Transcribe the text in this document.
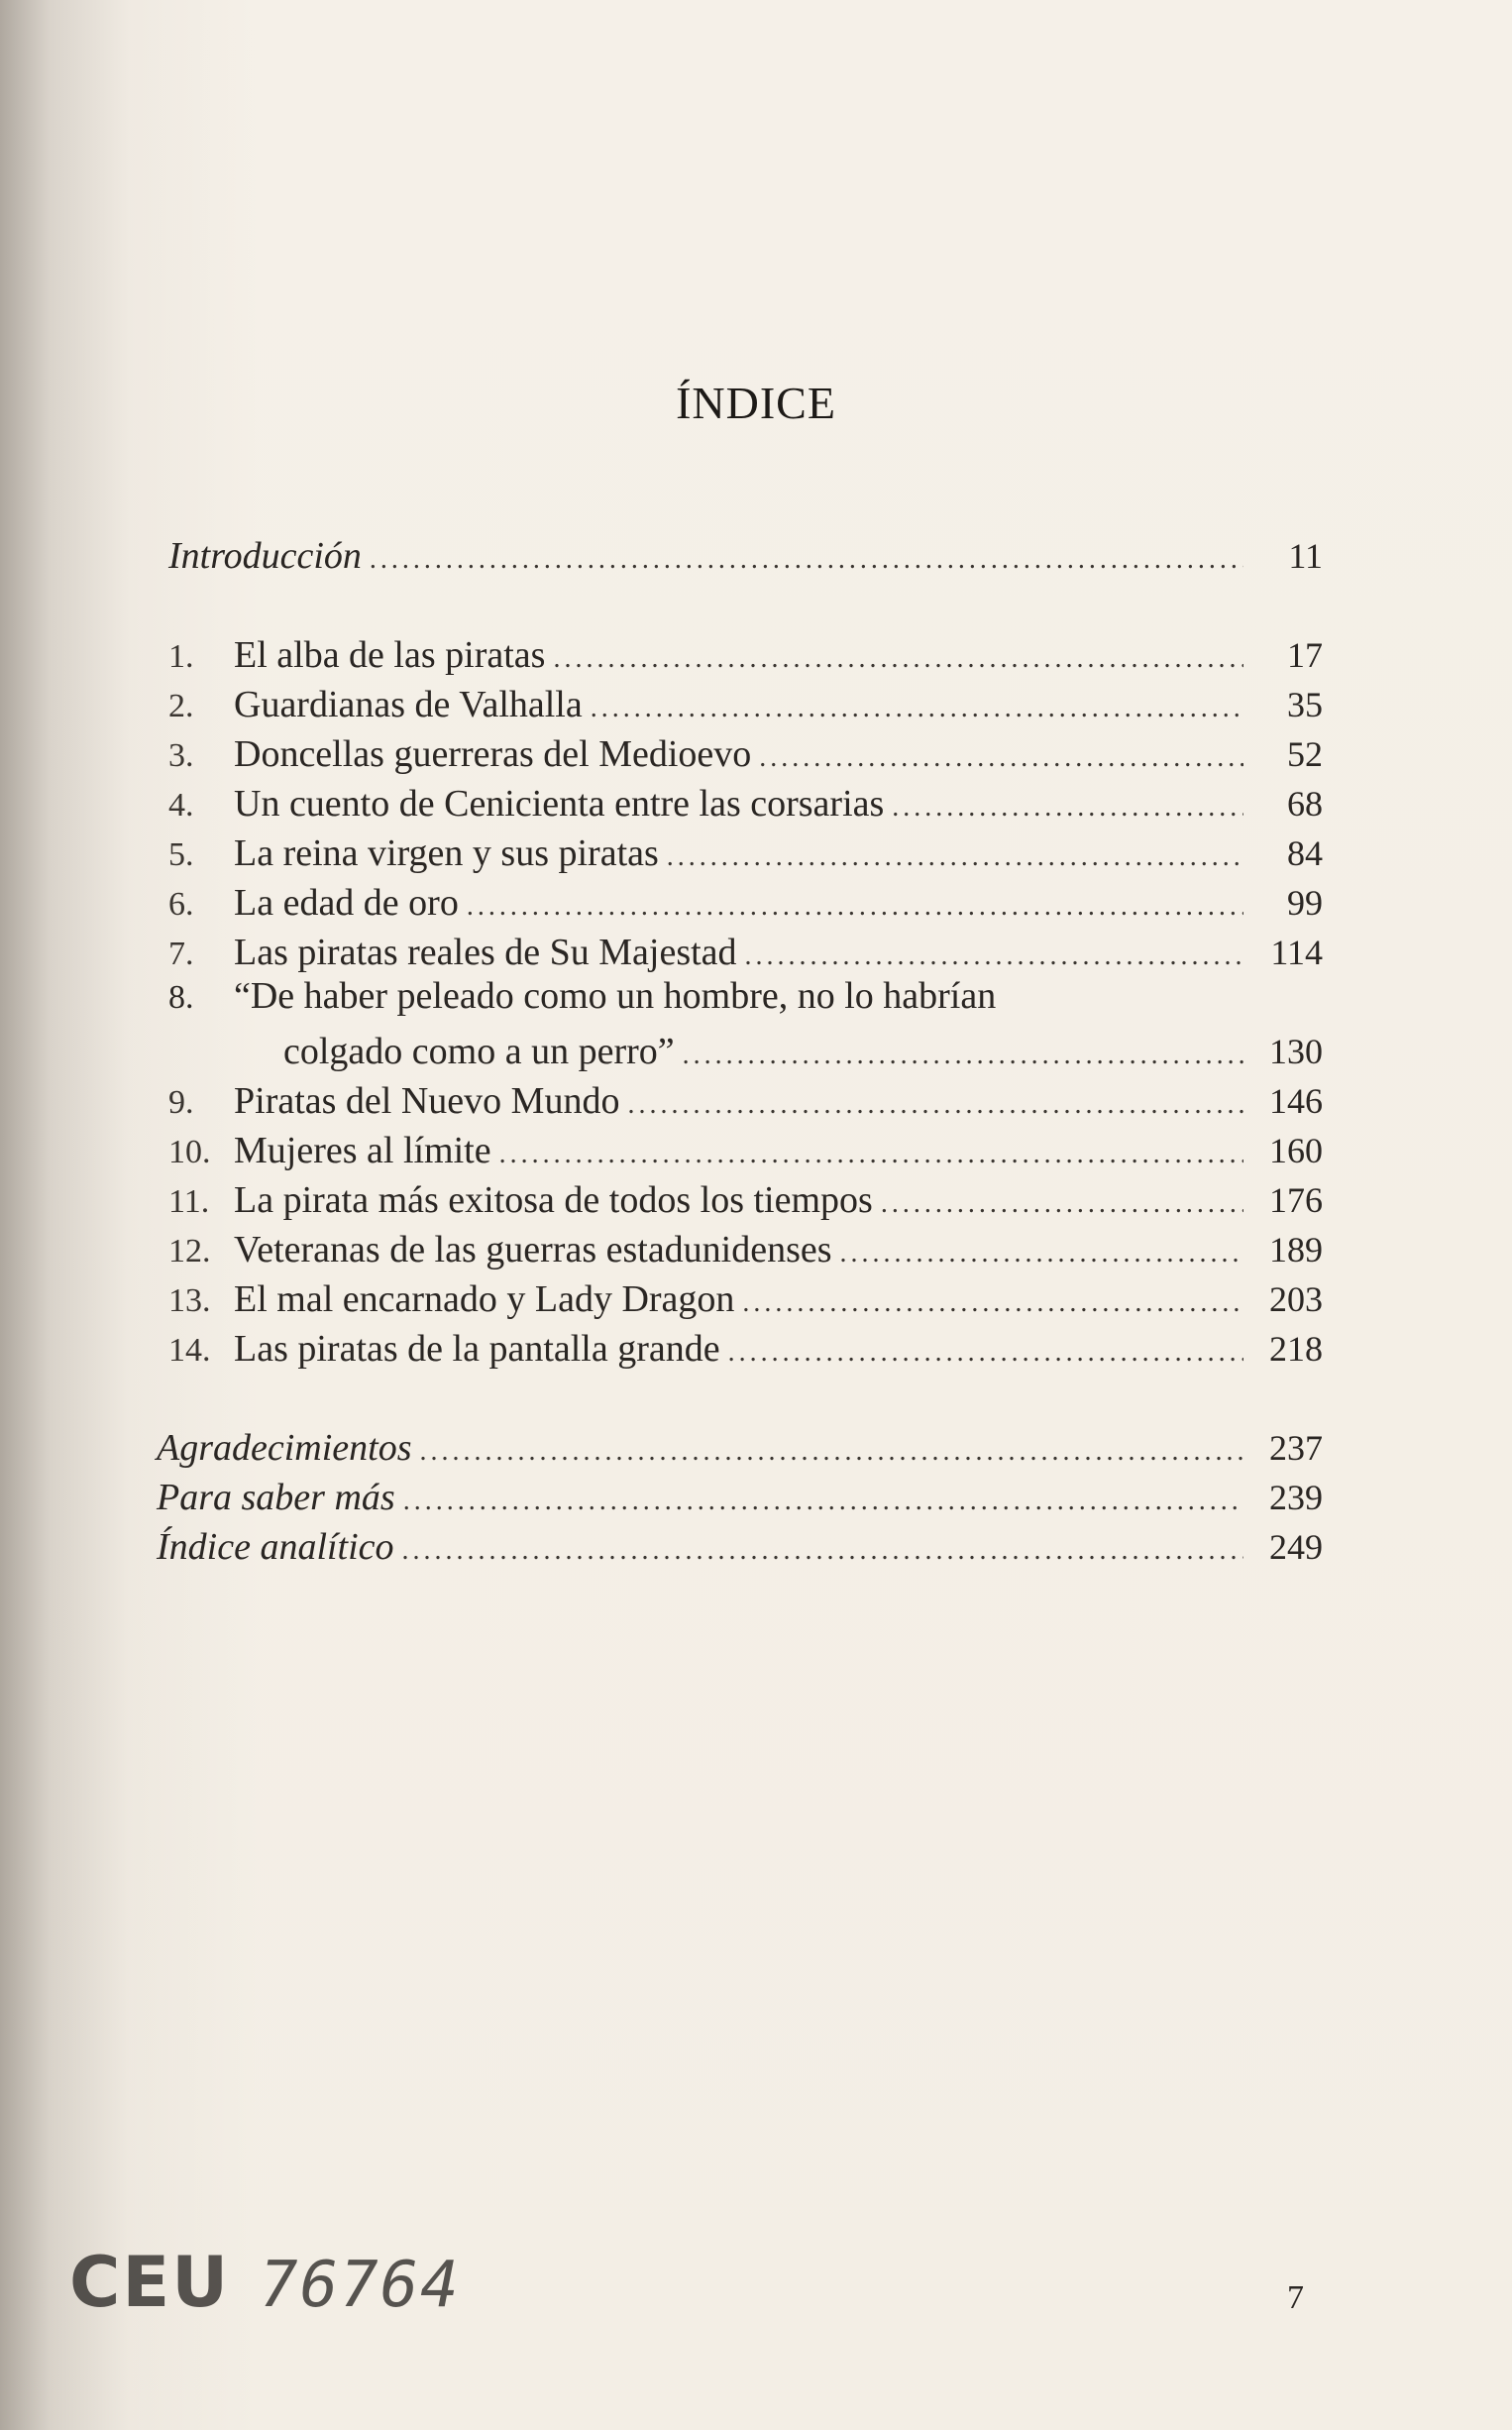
ÍNDICE
Introducción .....	11
1.	El alba de las piratas .....	17
2.	Guardianas de Valhalla .....	35
3.	Doncellas guerreras del Medioevo .....	52
4.	Un cuento de Cenicienta entre las corsarias .....	68
5.	La reina virgen y sus piratas .....	84
6.	La edad de oro .....	99
7.	Las piratas reales de Su Majestad .....	114
8.	“De haber peleado como un hombre, no lo habrían
colgado como a un perro” .....	130
9.	Piratas del Nuevo Mundo .....	146
10. Mujeres al límite .....	160
11. La pirata más exitosa de todos los tiempos .....	176
12. Veteranas de las guerras estadunidenses .....	189
13. El mal encarnado y Lady Dragon .....	203
14. Las piratas de la pantalla grande .....	218
Agradecimientos .....	237
Para saber más .....	239
Índice analítico .....	249
CEU 76764	7
